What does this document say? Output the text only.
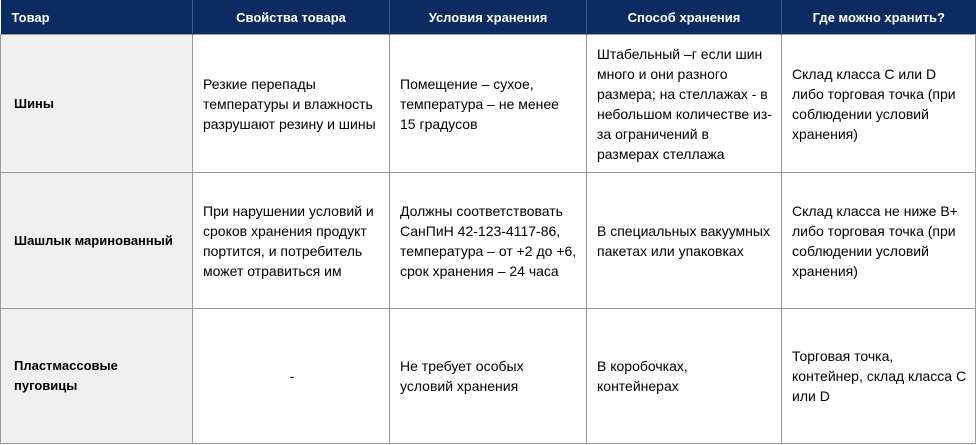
Товар	Свойства товара	Условия хранения	Способ хранения	Где можно хранить?
Шины	Резкие перепады температуры и влажность разрушают резину и шины	Помещение – сухое, температура – не менее 15 градусов	Штабельный –г если шин много и они разного размера; на стеллажах - в небольшом количестве из-за ограничений в размерах стеллажа	Склад класса С или D либо торговая точка (при соблюдении условий хранения)
Шашлык маринованный	При нарушении условий и сроков хранения продукт портится, и потребитель может отравиться им	Должны соответствовать СанПиН 42-123-4117-86, температура – от +2 до +6, срок хранения – 24 часа	В специальных вакуумных пакетах или упаковках	Склад класса не ниже В+ либо торговая точка (при соблюдении условий хранения)
Пластмассовые пуговицы	-	Не требует особых условий хранения	В коробочках, контейнерах	Торговая точка, контейнер, склад класса С или D
